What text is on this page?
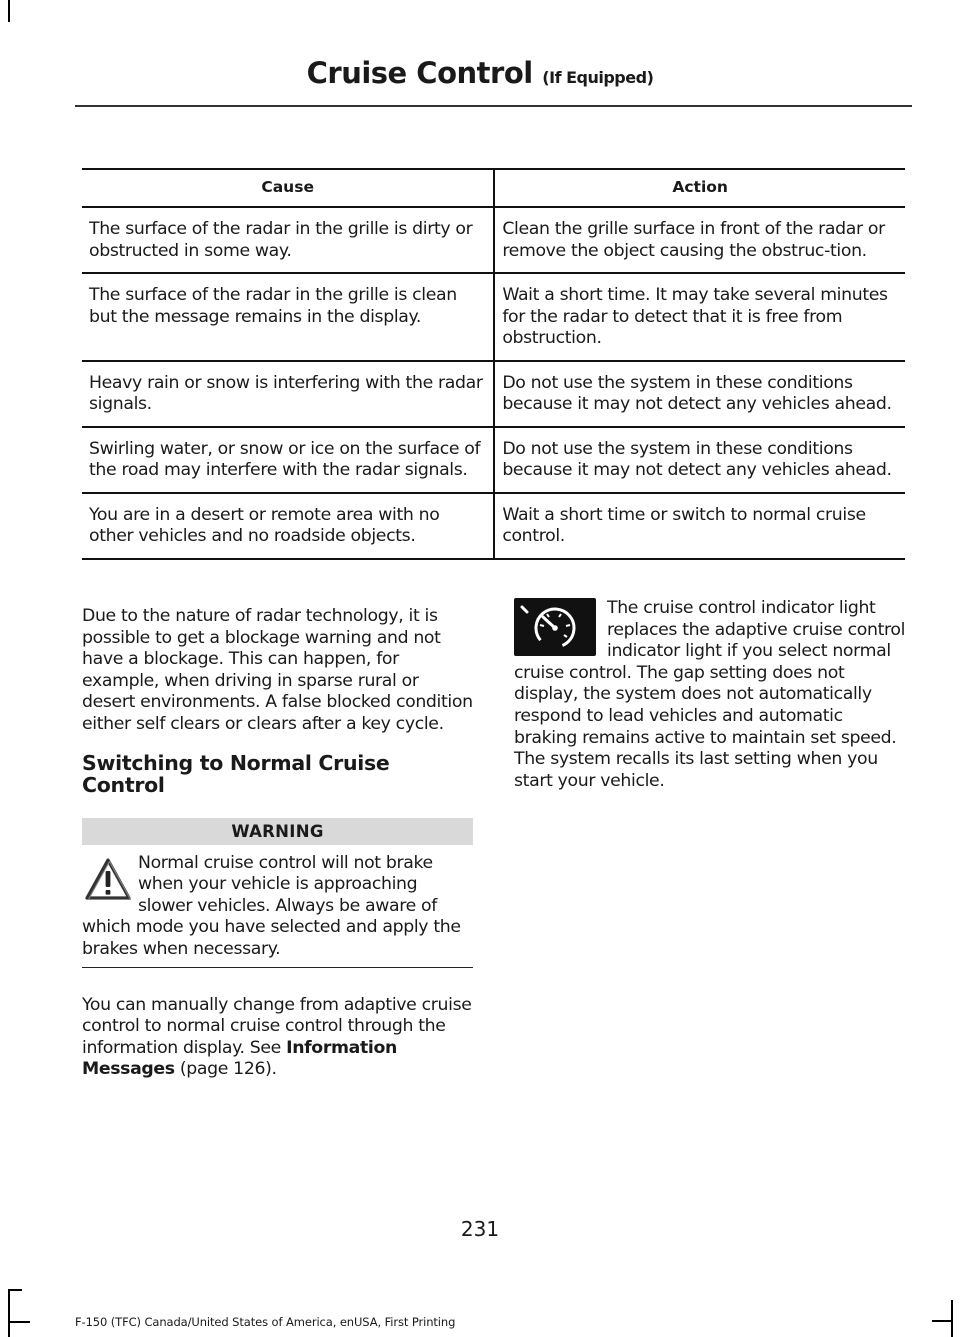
Cruise Control (If Equipped)
Cause	Action
The surface of the radar in the grille is dirty or obstructed in some way.	Clean the grille surface in front of the radar or remove the object causing the obstruc-tion.
The surface of the radar in the grille is clean but the message remains in the display.	Wait a short time. It may take several minutes for the radar to detect that it is free from obstruction.
Heavy rain or snow is interfering with the radar signals.	Do not use the system in these conditions because it may not detect any vehicles ahead.
Swirling water, or snow or ice on the surface of the road may interfere with the radar signals.	Do not use the system in these conditions because it may not detect any vehicles ahead.
You are in a desert or remote area with no other vehicles and no roadside objects.	Wait a short time or switch to normal cruise control.

Due to the nature of radar technology, it is possible to get a blockage warning and not have a blockage. This can happen, for example, when driving in sparse rural or desert environments. A false blocked condition either self clears or clears after a key cycle.

Switching to Normal Cruise Control
WARNING

Normal cruise control will not brake when your vehicle is approaching slower vehicles. Always be aware of which mode you have selected and apply the brakes when necessary.

You can manually change from adaptive cruise control to normal cruise control through the information display. See Information Messages (page 126).

The cruise control indicator light replaces the adaptive cruise control indicator light if you select normal cruise control. The gap setting does not display, the system does not automatically respond to lead vehicles and automatic braking remains active to maintain set speed. The system recalls its last setting when you start your vehicle.

231
F-150 (TFC) Canada/United States of America, enUSA, First Printing
